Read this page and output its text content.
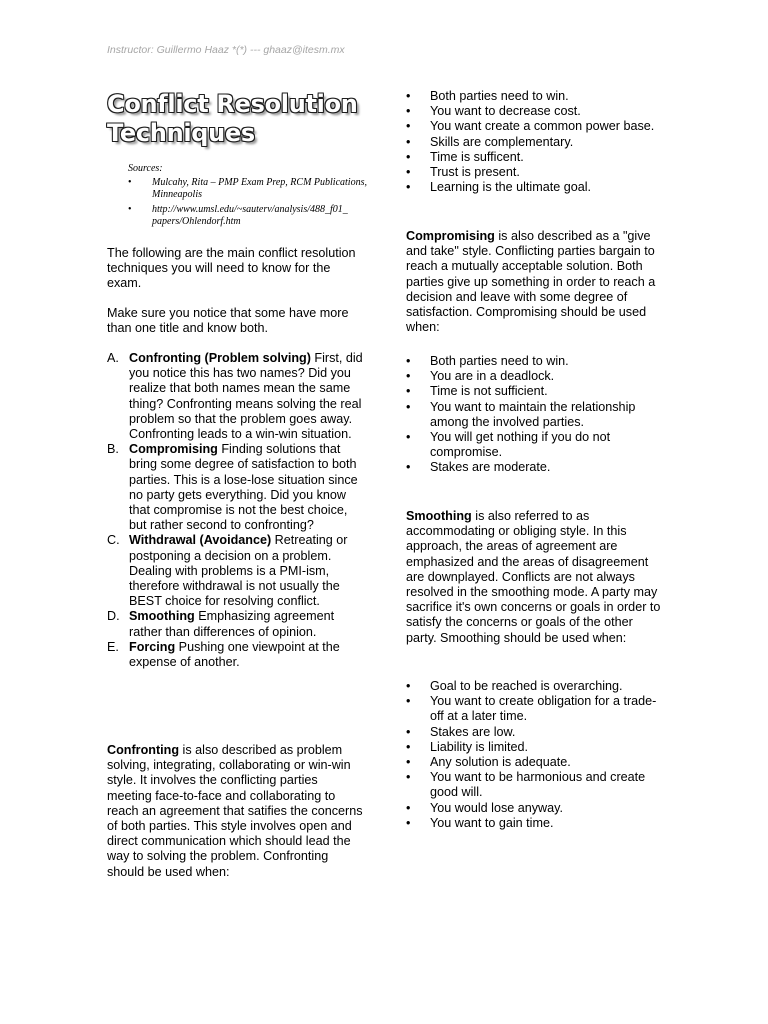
Instructor: Guillermo Haaz *(*) --- ghaaz@itesm.mx
Conflict Resolution Techniques
Sources:
• Mulcahy, Rita – PMP Exam Prep, RCM Publications, Minneapolis
• http://www.umsl.edu/~sauterv/analysis/488_f01_ papers/Ohlendorf.htm
The following are the main conflict resolution techniques you will need to know for the exam.
Make sure you notice that some have more than one title and know both.
A. Confronting (Problem solving) First, did you notice this has two names? Did you realize that both names mean the same thing? Confronting means solving the real problem so that the problem goes away. Confronting leads to a win-win situation.
B. Compromising Finding solutions that bring some degree of satisfaction to both parties. This is a lose-lose situation since no party gets everything. Did you know that compromise is not the best choice, but rather second to confronting?
C. Withdrawal (Avoidance) Retreating or postponing a decision on a problem. Dealing with problems is a PMI-ism, therefore withdrawal is not usually the BEST choice for resolving conflict.
D. Smoothing Emphasizing agreement rather than differences of opinion.
E. Forcing Pushing one viewpoint at the expense of another.
Confronting is also described as problem solving, integrating, collaborating or win-win style. It involves the conflicting parties meeting face-to-face and collaborating to reach an agreement that satifies the concerns of both parties. This style involves open and direct communication which should lead the way to solving the problem. Confronting should be used when:
• Both parties need to win.
• You want to decrease cost.
• You want create a common power base.
• Skills are complementary.
• Time is sufficent.
• Trust is present.
• Learning is the ultimate goal.
Compromising is also described as a "give and take" style. Conflicting parties bargain to reach a mutually acceptable solution. Both parties give up something in order to reach a decision and leave with some degree of satisfaction. Compromising should be used when:
• Both parties need to win.
• You are in a deadlock.
• Time is not sufficient.
• You want to maintain the relationship among the involved parties.
• You will get nothing if you do not compromise.
• Stakes are moderate.
Smoothing is also referred to as accommodating or obliging style. In this approach, the areas of agreement are emphasized and the areas of disagreement are downplayed. Conflicts are not always resolved in the smoothing mode. A party may sacrifice it's own concerns or goals in order to satisfy the concerns or goals of the other party. Smoothing should be used when:
• Goal to be reached is overarching.
• You want to create obligation for a trade-off at a later time.
• Stakes are low.
• Liability is limited.
• Any solution is adequate.
• You want to be harmonious and create good will.
• You would lose anyway.
• You want to gain time.
